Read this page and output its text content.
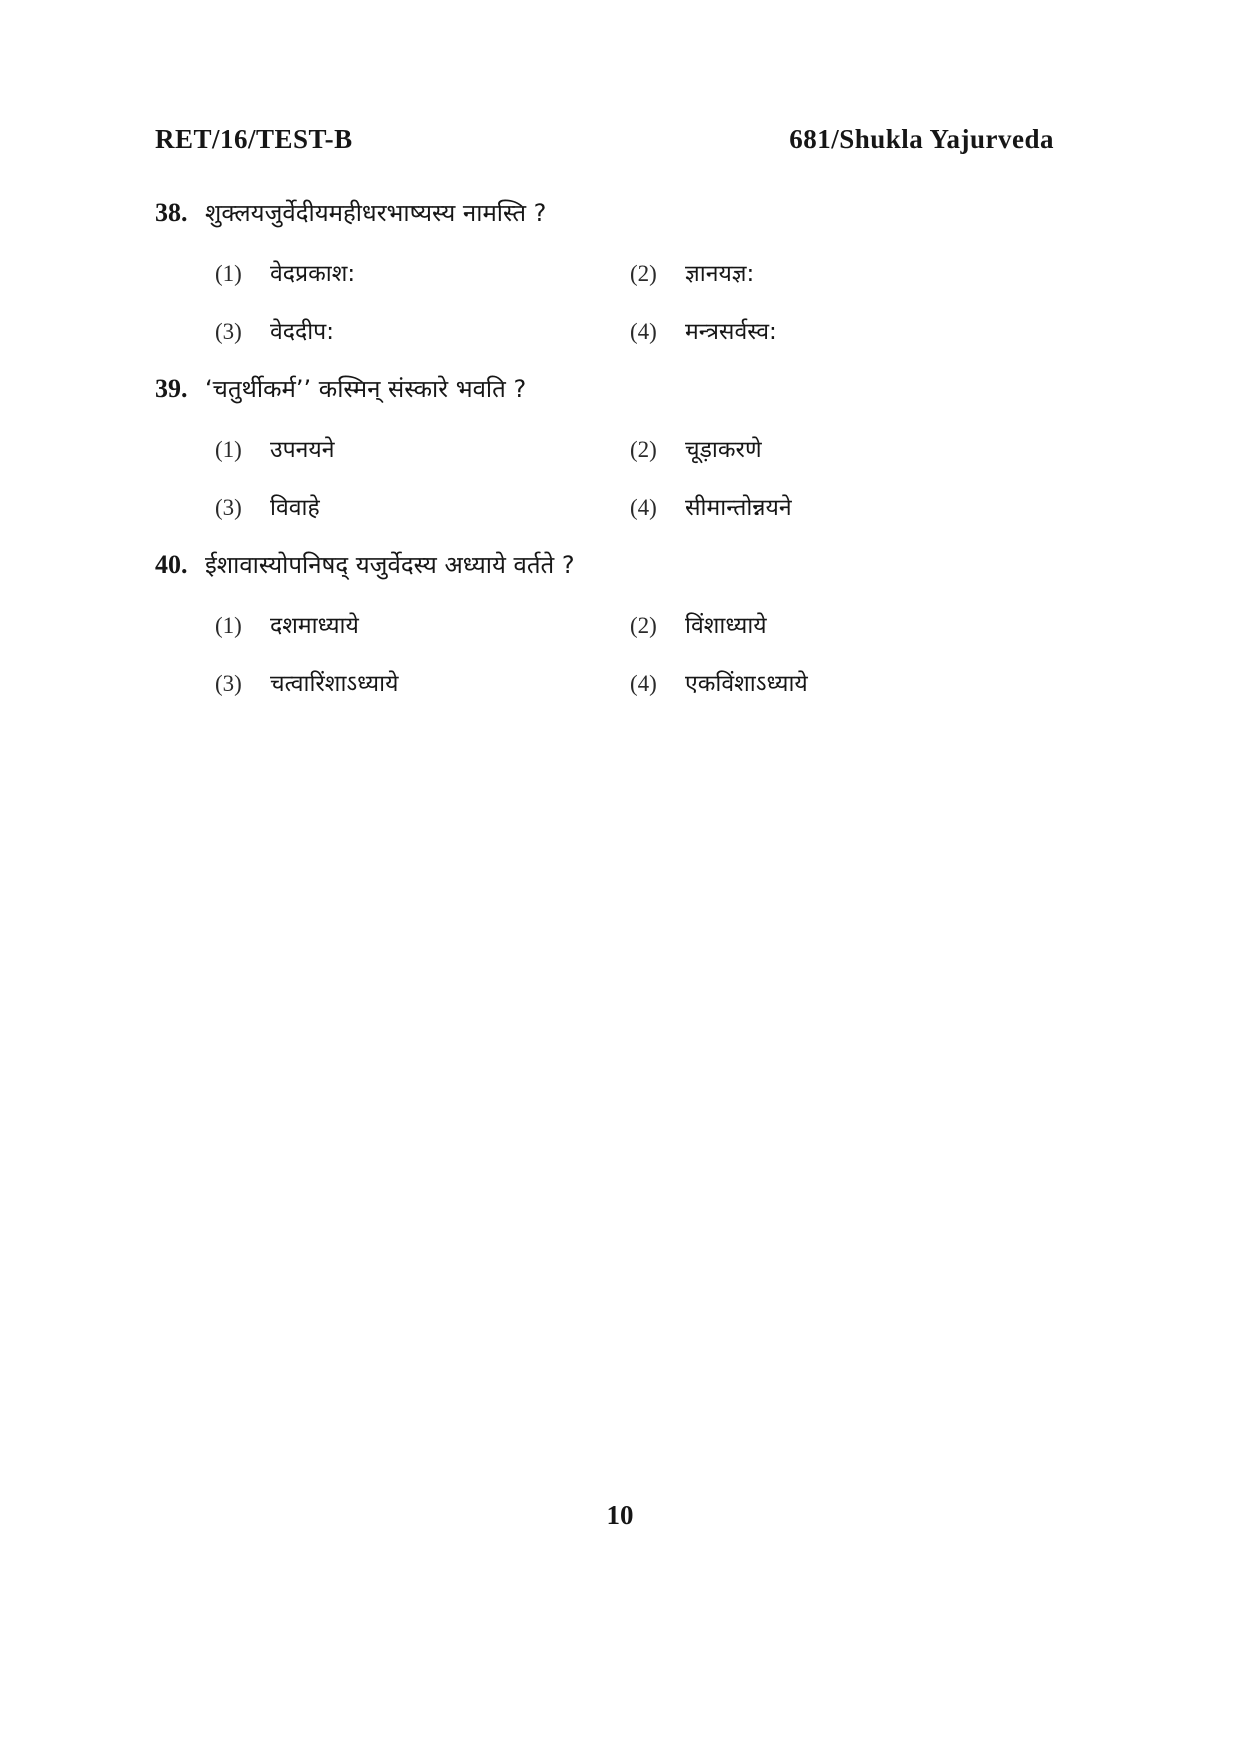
RET/16/TEST-B	681/Shukla Yajurveda
38. शुक्लयजुर्वेदीयमहीधरभाष्यस्य नामस्ति ?
(1)	वेदप्रकाश:	(2)	ज्ञानयज्ञ:
(3)	वेददीप:	(4)	मन्त्रसर्वस्व:
39. ‘चतुर्थीकर्म’’ कस्मिन् संस्कारे भवति ?
(1)	उपनयने	(2)	चूड़ाकरणे
(3)	विवाहे	(4)	सीमान्तोन्नयने
40. ईशावास्योपनिषद् यजुर्वेदस्य अध्याये वर्तते ?
(1)	दशमाध्याये	(2)	विंशाध्याये
(3)	चत्वारिंशाऽध्याये	(4)	एकविंशाऽध्याये
10
